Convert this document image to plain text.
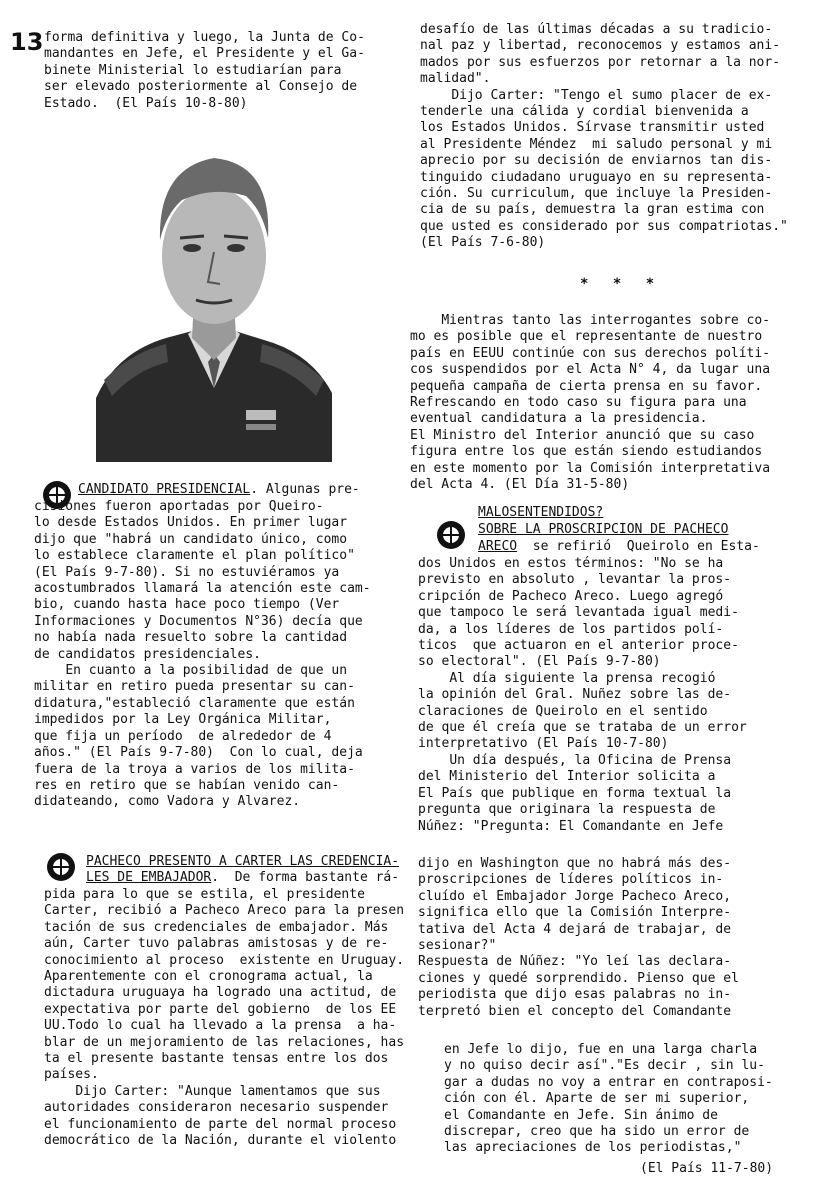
13 forma definitiva y luego, la Junta de Co-
mandantes en Jefe, el Presidente y el Ga-
binete Ministerial lo estudiarían para
ser elevado posteriormente al Consejo de
Estado.  (El País 10-8-80)

CANDIDATO PRESIDENCIAL. Algunas pre-

cisiones fueron aportadas por Queiro-
lo desde Estados Unidos. En primer lugar
dijo que "habrá un candidato único, como
lo establece claramente el plan político"
(El País 9-7-80). Si no estuviéramos ya
acostumbrados llamará la atención este cam-
bio, cuando hasta hace poco tiempo (Ver
Informaciones y Documentos N°36) decía que
no había nada resuelto sobre la cantidad
de candidatos presidenciales.
En cuanto a la posibilidad de que un
militar en retiro pueda presentar su can-
didatura,"estableció claramente que están
impedidos por la Ley Orgánica Militar,
que fija un período  de alrededor de 4
años." (El País 9-7-80)  Con lo cual, deja
fuera de la troya a varios de los milita-
res en retiro que se habían venido can-
didateando, como Vadora y Alvarez.

PACHECO PRESENTO A CARTER LAS CREDENCIA-

LES DE EMBAJADOR.  De forma bastante rá-

pida para lo que se estila, el presidente
Carter, recibió a Pacheco Areco para la presen
tación de sus credenciales de embajador. Más
aún, Carter tuvo palabras amistosas y de re-
conocimiento al proceso  existente en Uruguay.
Aparentemente con el cronograma actual, la
dictadura uruguaya ha logrado una actitud, de
expectativa por parte del gobierno  de los EE
UU.Todo lo cual ha llevado a la prensa  a ha-
blar de un mejoramiento de las relaciones, has
ta el presente bastante tensas entre los dos
países.
Dijo Carter: "Aunque lamentamos que sus
autoridades consideraron necesario suspender
el funcionamiento de parte del normal proceso
democrático de la Nación, durante el violento

desafío de las últimas décadas a su tradicio-
nal paz y libertad, reconocemos y estamos ani-
mados por sus esfuerzos por retornar a la nor-
malidad".
Dijo Carter: "Tengo el sumo placer de ex-
tenderle una cálida y cordial bienvenida a
los Estados Unidos. Sírvase transmitir usted
al Presidente Méndez  mi saludo personal y mi
aprecio por su decisión de enviarnos tan dis-
tinguido ciudadano uruguayo en su representa-
ción. Su curriculum, que incluye la Presiden-
cia de su país, demuestra la gran estima con
que usted es considerado por sus compatriotas."
(El País 7-6-80)

* * *

Mientras tanto las interrogantes sobre co-
mo es posible que el representante de nuestro
país en EEUU continúe con sus derechos políti-
cos suspendidos por el Acta N° 4, da lugar una
pequeña campaña de cierta prensa en su favor.
Refrescando en todo caso su figura para una
eventual candidatura a la presidencia.
El Ministro del Interior anunció que su caso
figura entre los que están siendo estudiandos
en este momento por la Comisión interpretativa
del Acta 4. (El Día 31-5-80)

MALOSENTENDIDOS?

SOBRE LA PROSCRIPCION DE PACHECO

ARECO  se refirió  Queirolo en Esta-

dos Unidos en estos términos: "No se ha
previsto en absoluto , levantar la pros-
cripción de Pacheco Areco. Luego agregó
que tampoco le será levantada igual medi-
da, a los líderes de los partidos polí-
ticos  que actuaron en el anterior proce-
so electoral". (El País 9-7-80)
Al día siguiente la prensa recogió
la opinión del Gral. Nuñez sobre las de-
claraciones de Queirolo en el sentido
de que él creía que se trataba de un error
interpretativo (El País 10-7-80)
Un día después, la Oficina de Prensa
del Ministerio del Interior solicita a
El País que publique en forma textual la
pregunta que originara la respuesta de
Núñez: "Pregunta: El Comandante en Jefe

dijo en Washington que no habrá más des-
proscripciones de líderes políticos in-
cluído el Embajador Jorge Pacheco Areco,
significa ello que la Comisión Interpre-
tativa del Acta 4 dejará de trabajar, de
sesionar?"
Respuesta de Núñez: "Yo leí las declara-
ciones y quedé sorprendido. Pienso que el
periodista que dijo esas palabras no in-
terpretó bien el concepto del Comandante

en Jefe lo dijo, fue en una larga charla
y no quiso decir así"."Es decir , sin lu-
gar a dudas no voy a entrar en contraposi-
ción con él. Aparte de ser mi superior,
el Comandante en Jefe. Sin ánimo de
discrepar, creo que ha sido un error de
las apreciaciones de los periodistas,"

(El País 11-7-80)
